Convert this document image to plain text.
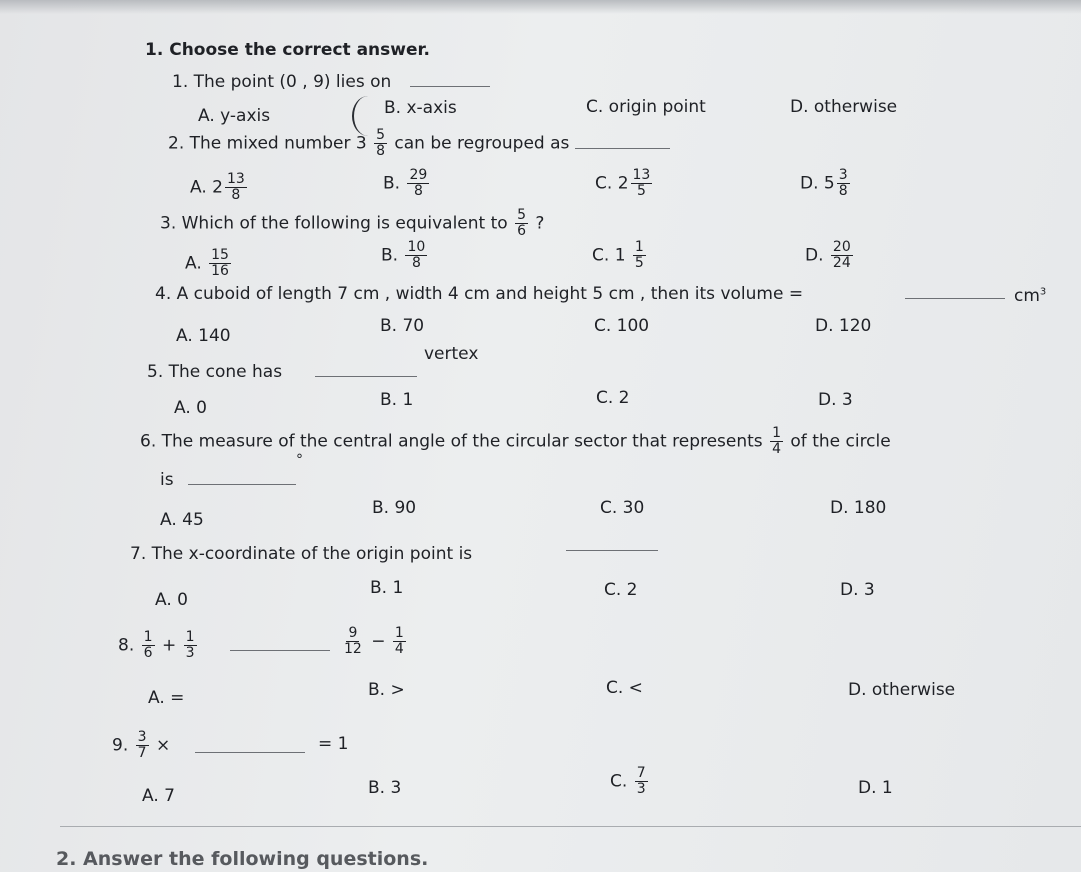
1. Choose the correct answer.
1. The point (0 , 9) lies on
A. y-axis	B. x-axis	C. origin point	D. otherwise
2. The mixed number $3 \frac{5}{8}$ can be regrouped as
A. $2 \frac{13}{8}$	B. $\frac{29}{8}$	C. $2 \frac{13}{5}$	D. $5 \frac{3}{8}$
3. Which of the following is equivalent to $\frac{5}{6}$ ?
A. $\frac{15}{16}$	B. $\frac{10}{8}$	C. $1 \frac{1}{5}$	D. $\frac{20}{24}$
4. A cuboid of length 7 cm , width 4 cm and height 5 cm , then its volume =	$cm^3$
A. 140	B. 70	C. 100	D. 120
5. The cone has
vertex
A. 0	B. 1	C. 2	D. 3
6. The measure of the central angle of the circular sector that represents $\frac{1}{4}$ of the circle
is
°
A. 45
B. 90	C. 30	D. 180
7. The x-coordinate of the origin point is
A. 0
B. 1	C. 2	D. 3
8. $\frac{1}{6} + \frac{1}{3}$	$\frac{9}{12} - \frac{1}{4}$
A. =	B. >	C. <	D. otherwise
9. $\frac{3}{7}$ ×	= 1
A. 7	B. 3	C. $\frac{7}{3}$	D. 1
2. Answer the following questions.
